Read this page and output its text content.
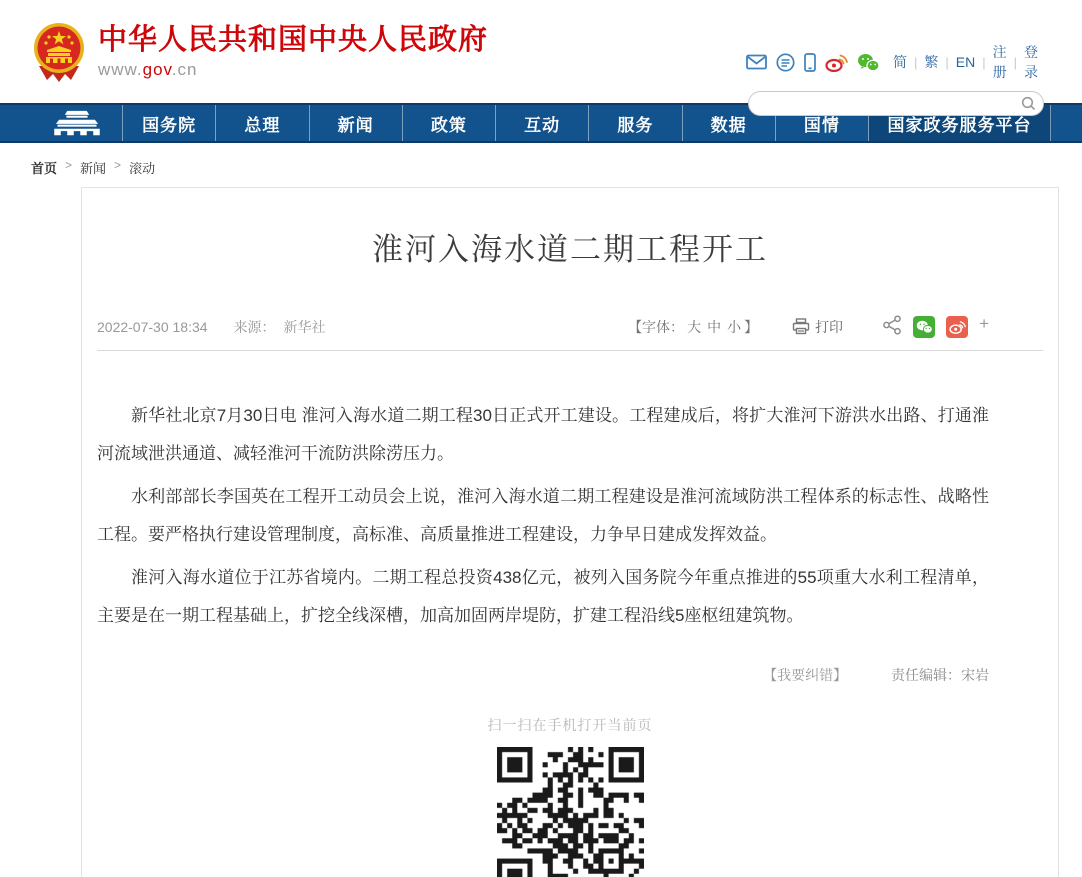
中华人民共和国中央人民政府
www.gov.cn	简 | 繁 | EN |
注册
|
登录
国务院	总理	新闻	政策	互动	服务	数据	国情	国家政务服务平台
首页 > 新闻 > 滚动
淮河入海水道二期工程开工
2022-07-30 18:34 来源： 新华社	【字体： 大 中 小 】	打印	+

新华社北京7月30日电 淮河入海水道二期工程30日正式开工建设。工程建成后，将扩大淮河下游洪水出路、打通淮河流域泄洪通道、减轻淮河干流防洪除涝压力。

水利部部长李国英在工程开工动员会上说，淮河入海水道二期工程建设是淮河流域防洪工程体系的标志性、战略性工程。要严格执行建设管理制度，高标准、高质量推进工程建设，力争早日建成发挥效益。

淮河入海水道位于江苏省境内。二期工程总投资438亿元，被列入国务院今年重点推进的55项重大水利工程清单，主要是在一期工程基础上，扩挖全线深槽，加高加固两岸堤防，扩建工程沿线5座枢纽建筑物。

【我要纠错】	责任编辑：宋岩
扫一扫在手机打开当前页
